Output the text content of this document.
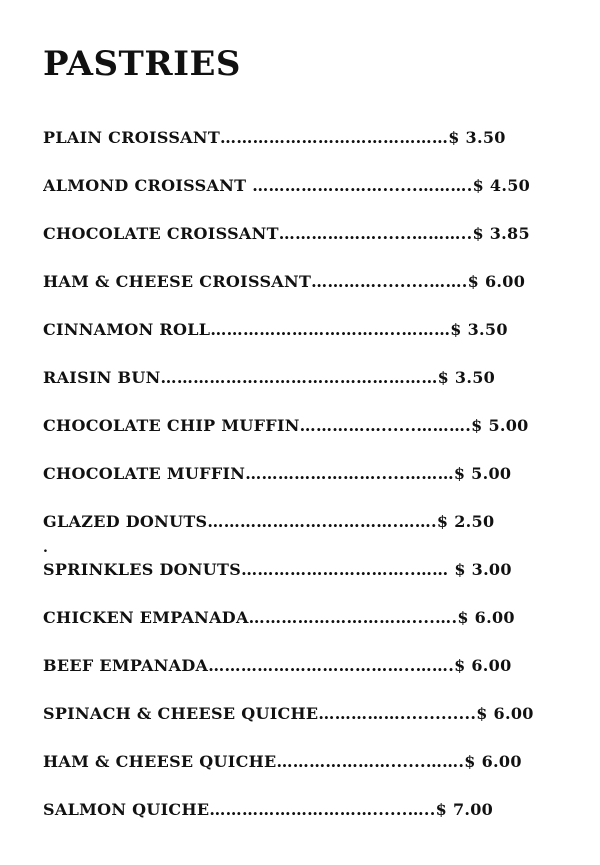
PASTRIES
PLAIN CROISSANT……………………………………$ 3.50
ALMOND CROISSANT ……………………......……….$ 4.50
CHOCOLATE CROISSANT………………......………..$ 3.85
HAM & CHEESE CROISSANT………….........…….$ 6.00
CINNAMON ROLL……………………………..………$ 3.50
RAISIN BUN……………………………………………$ 3.50
CHOCOLATE CHIP MUFFIN……………......……….$ 5.00
CHOCOLATE MUFFIN…………………….....………$ 5.00
GLAZED DONUTS………………….………….…….$ 2.50
SPRINKLES DONUTS…………………………..…… $ 3.00
CHICKEN EMPANADA…………………………....….$ 6.00
BEEF EMPANADA………………………………..…….$ 6.00
SPINACH & CHEESE QUICHE…………….............$ 6.00
HAM & CHEESE QUICHE…………………......…….$ 6.00
SALMON QUICHE…………………………......…..$ 7.00
.
